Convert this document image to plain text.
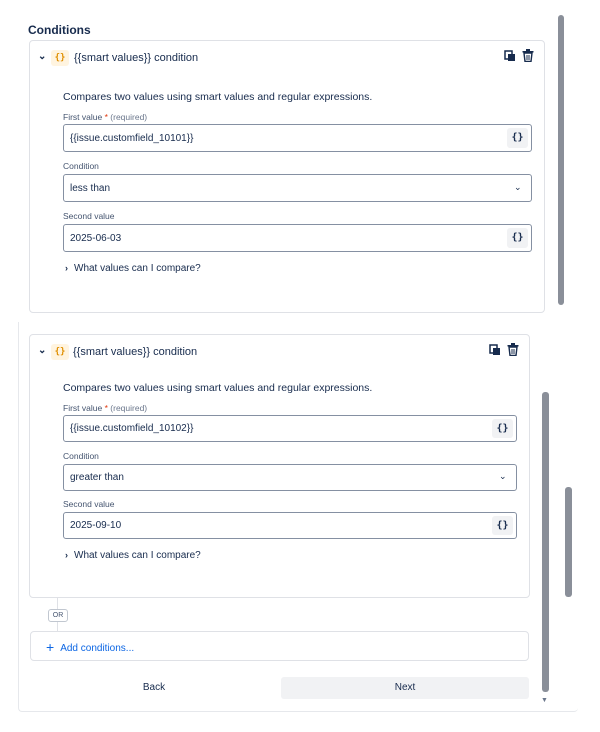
Conditions
⌄ {} {{smart values}} condition
Compares two values using smart values and regular expressions.
First value * (required)
{{issue.customfield_10101}}	{}
Condition
less than	⌄
Second value
2025-06-03	{}
› What values can I compare?
▼
⌄ {} {{smart values}} condition
Compares two values using smart values and regular expressions.
First value * (required)
{{issue.customfield_10102}}	{}
Condition
greater than	⌄
Second value
2025-09-10	{}
› What values can I compare?
OR
+ Add conditions...
Back	Next
